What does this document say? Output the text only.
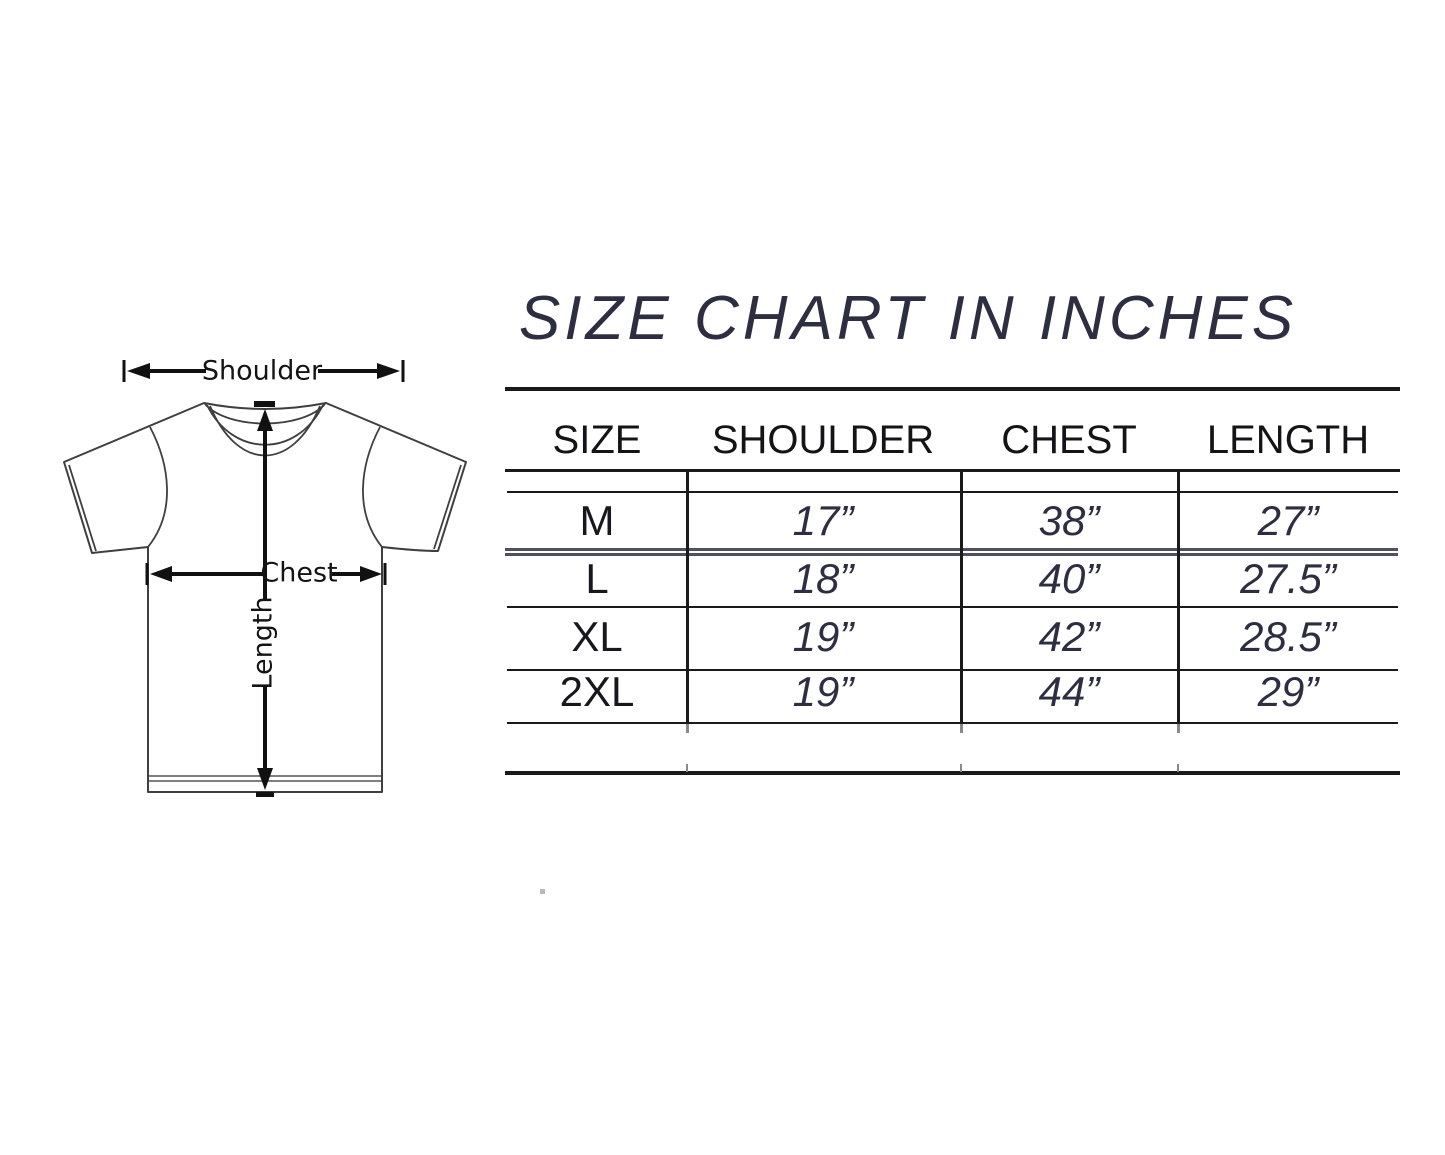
Shoulder
Chest
Length
SIZE CHART IN INCHES
SIZE SHOULDER CHEST LENGTH
M	17”	38”	27”
L	18”	40”	27.5”
XL	19”	42”	28.5”
2XL	19”	44”	29”
